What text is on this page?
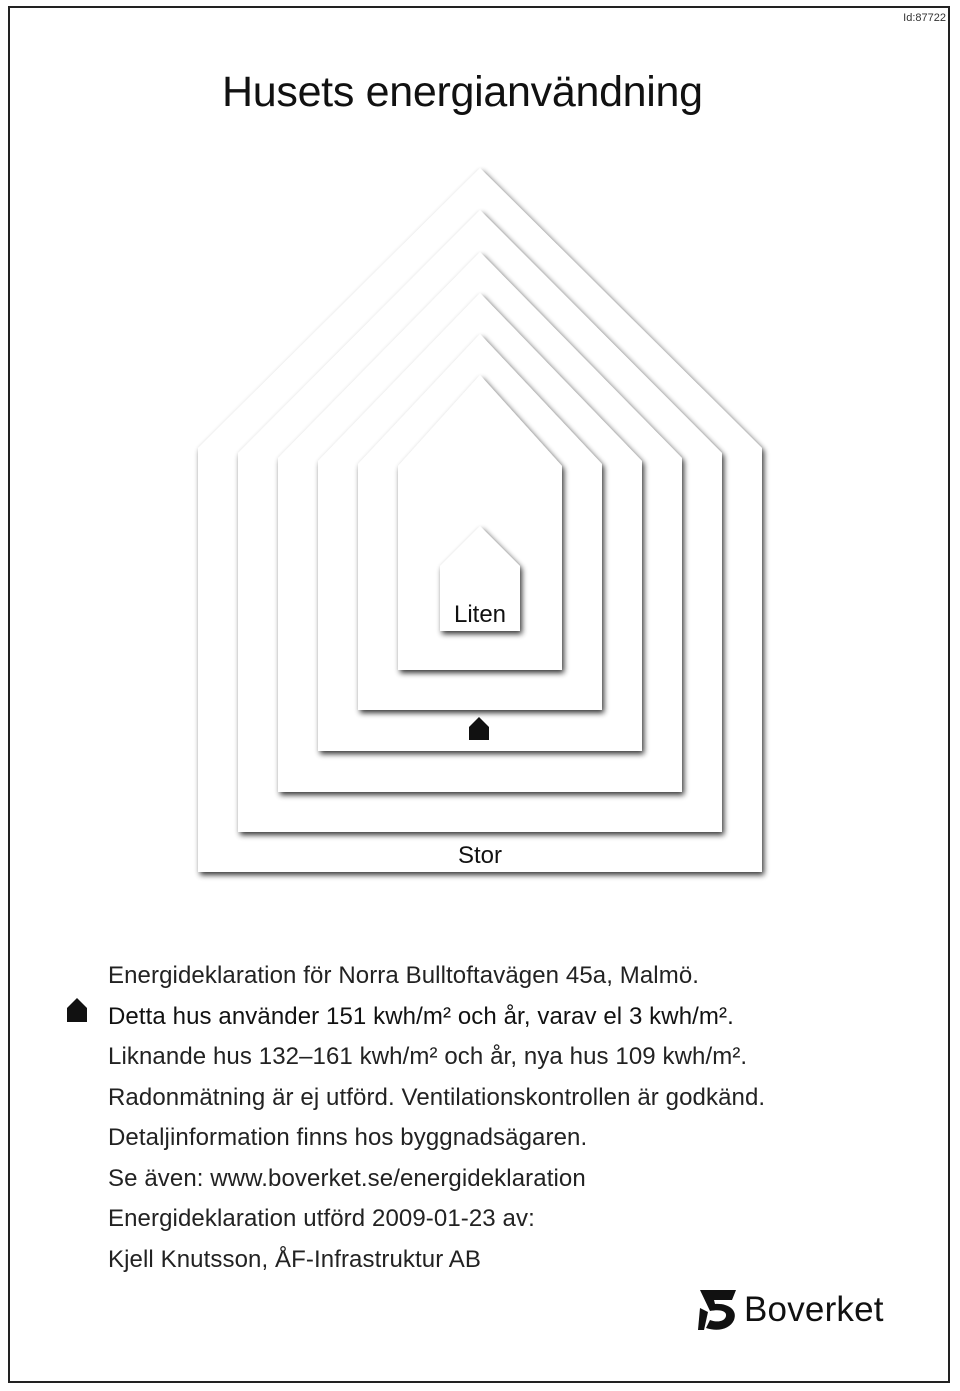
Id:87722
Husets energianvändning
Liten
Stor
Energideklaration för Norra Bulltoftavägen 45a, Malmö.
Detta hus använder 151 kwh/m² och år, varav el 3 kwh/m².
Liknande hus 132–161 kwh/m² och år, nya hus 109 kwh/m².
Radonmätning är ej utförd. Ventilationskontrollen är godkänd.
Detaljinformation finns hos byggnadsägaren.
Se även: www.boverket.se/energideklaration
Energideklaration utförd 2009-01-23 av:
Kjell Knutsson, ÅF-Infrastruktur AB
Boverket
